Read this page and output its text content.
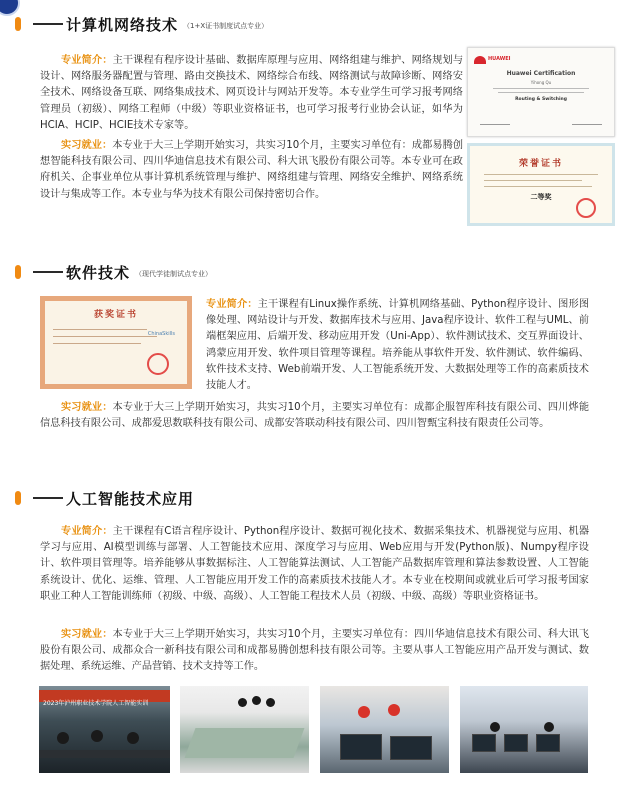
计算机网络技术 （1+X证书制度试点专业）
专业简介：主干课程有程序设计基础、数据库原理与应用、网络组建与维护、网络规划与设计、网络服务器配置与管理、路由交换技术、网络综合布线、网络测试与故障诊断、网络安全技术、网络设备互联、网络集成技术、网页设计与网站开发等。本专业学生可学习报考网络管理员（初级）、网络工程师（中级）等职业资格证书，也可学习报考行业协会认证，如华为HCIA、HCIP、HCIE技术专家等。
实习就业：本专业于大三上学期开始实习，共实习10个月，主要实习单位有：成都易腾创想智能科技有限公司、四川华迪信息技术有限公司、科大讯飞股份有限公司等。本专业可在政府机关、企事业单位从事计算机系统管理与维护、网络组建与管理、网络安全维护、网络系统设计与集成等工作。本专业与华为技术有限公司保持密切合作。
HUAWEI
Huawei Certification
Yihong Qu
Routing & Switching
荣誉证书
二等奖
软件技术 （现代学徒制试点专业）
获奖证书
ChinaSkills
专业简介：主干课程有Linux操作系统、计算机网络基础、Python程序设计、图形图像处理、网站设计与开发、数据库技术与应用、Java程序设计、软件工程与UML、前端框架应用、后端开发、移动应用开发（Uni-App）、软件测试技术、交互界面设计、鸿蒙应用开发、软件项目管理等课程。培养能从事软件开发、软件测试、软件编码、软件技术支持、Web前端开发、人工智能系统开发、大数据处理等工作的高素质技术技能人才。
实习就业：本专业于大三上学期开始实习，共实习10个月，主要实习单位有：成都企服智库科技有限公司、四川烨能信息科技有限公司、成都爱思数联科技有限公司、成都安答联动科技有限公司、四川智甄宝科技有限责任公司等。
人工智能技术应用
专业简介：主干课程有C语言程序设计、Python程序设计、数据可视化技术、数据采集技术、机器视觉与应用、机器学习与应用、AI模型训练与部署、人工智能技术应用、深度学习与应用、Web应用与开发(Python版)、Numpy程序设计、软件项目管理等。培养能够从事数据标注、人工智能算法测试、人工智能产品数据库管理和算法参数设置、人工智能系统设计、优化、运维、管理、人工智能应用开发工作的高素质技术技能人才。本专业在校期间或就业后可学习报考国家职业工种人工智能训练师（初级、中级、高级）、人工智能工程技术人员（初级、中级、高级）等职业资格证书。
实习就业：本专业于大三上学期开始实习，共实习10个月，主要实习单位有：四川华迪信息技术有限公司、科大讯飞股份有限公司、成都众合一新科技有限公司和成都易腾创想科技有限公司等。主要从事人工智能应用产品开发与测试、数据处理、系统运维、产品营销、技术支持等工作。
2023年泸州职业技术学院人工智能实训
